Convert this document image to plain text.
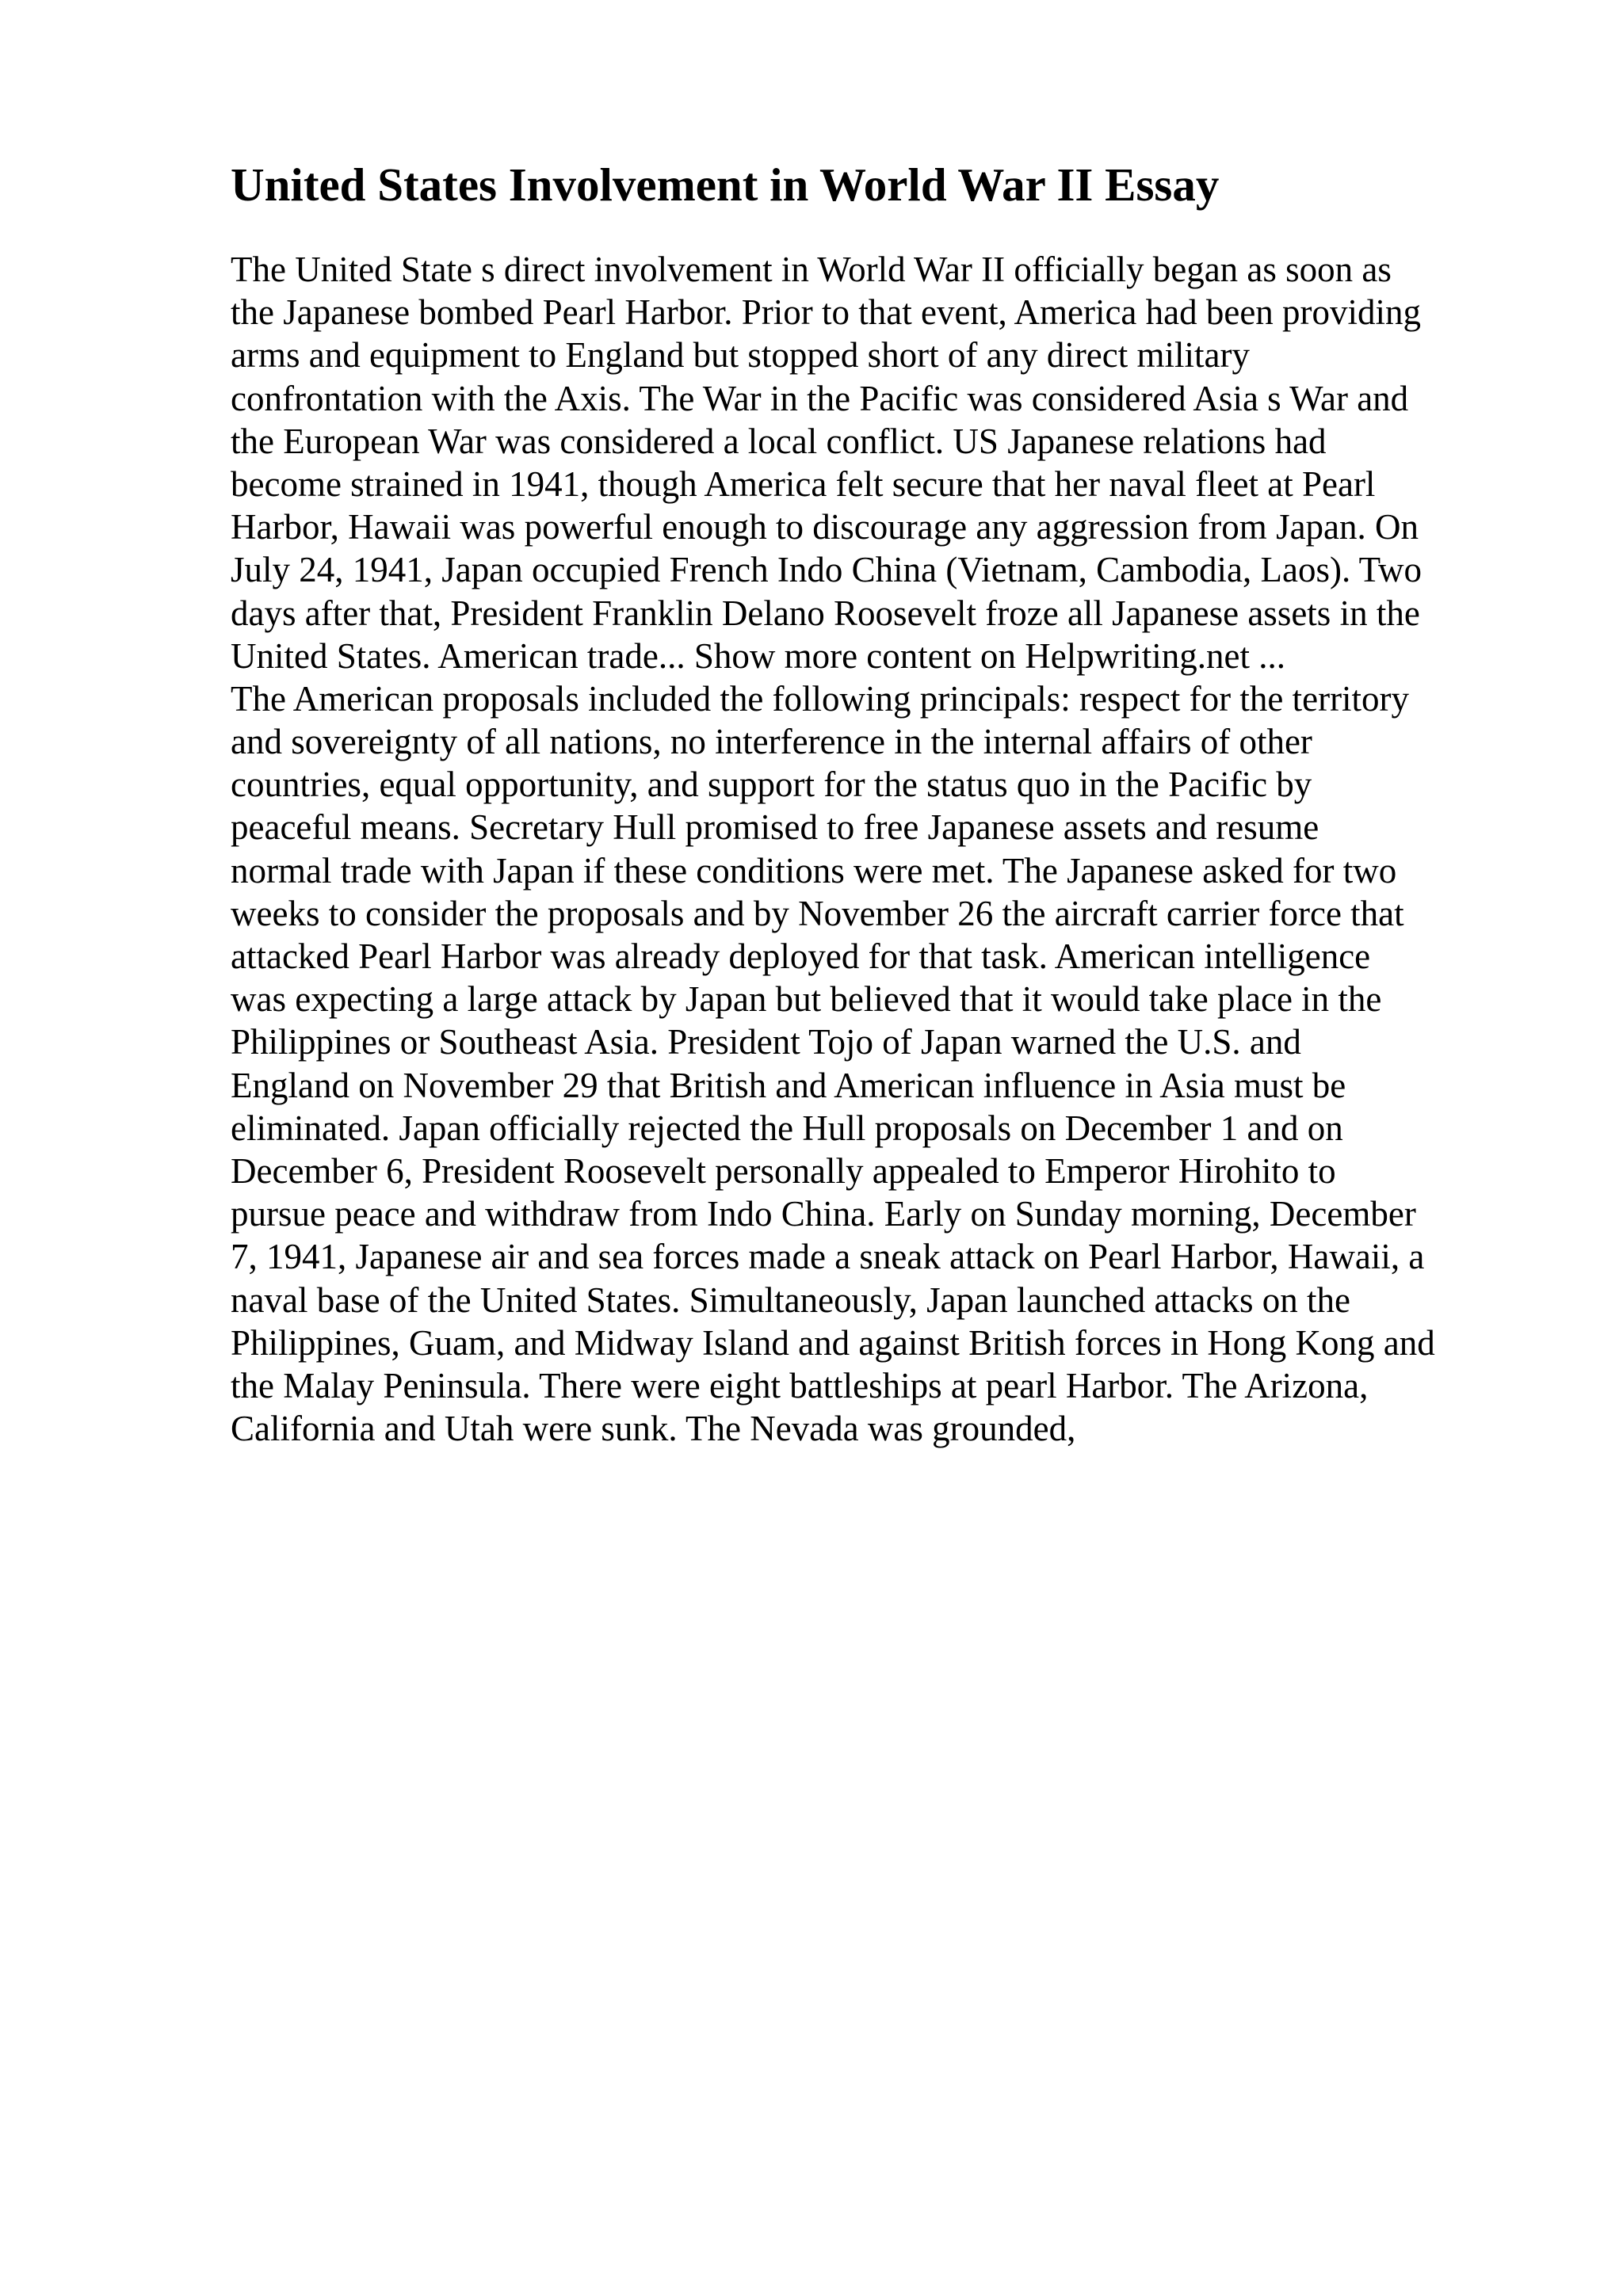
United States Involvement in World War II Essay
The United State s direct involvement in World War II officially began as soon as
the Japanese bombed Pearl Harbor. Prior to that event, America had been providing
arms and equipment to England but stopped short of any direct military
confrontation with the Axis. The War in the Pacific was considered Asia s War and
the European War was considered a local conflict. US Japanese relations had
become strained in 1941, though America felt secure that her naval fleet at Pearl
Harbor, Hawaii was powerful enough to discourage any aggression from Japan. On
July 24, 1941, Japan occupied French Indo China (Vietnam, Cambodia, Laos). Two
days after that, President Franklin Delano Roosevelt froze all Japanese assets in the
United States. American trade... Show more content on Helpwriting.net ...
The American proposals included the following principals: respect for the territory
and sovereignty of all nations, no interference in the internal affairs of other
countries, equal opportunity, and support for the status quo in the Pacific by
peaceful means. Secretary Hull promised to free Japanese assets and resume
normal trade with Japan if these conditions were met. The Japanese asked for two
weeks to consider the proposals and by November 26 the aircraft carrier force that
attacked Pearl Harbor was already deployed for that task. American intelligence
was expecting a large attack by Japan but believed that it would take place in the
Philippines or Southeast Asia. President Tojo of Japan warned the U.S. and
England on November 29 that British and American influence in Asia must be
eliminated. Japan officially rejected the Hull proposals on December 1 and on
December 6, President Roosevelt personally appealed to Emperor Hirohito to
pursue peace and withdraw from Indo China. Early on Sunday morning, December
7, 1941, Japanese air and sea forces made a sneak attack on Pearl Harbor, Hawaii, a
naval base of the United States. Simultaneously, Japan launched attacks on the
Philippines, Guam, and Midway Island and against British forces in Hong Kong and
the Malay Peninsula. There were eight battleships at pearl Harbor. The Arizona,
California and Utah were sunk. The Nevada was grounded,
